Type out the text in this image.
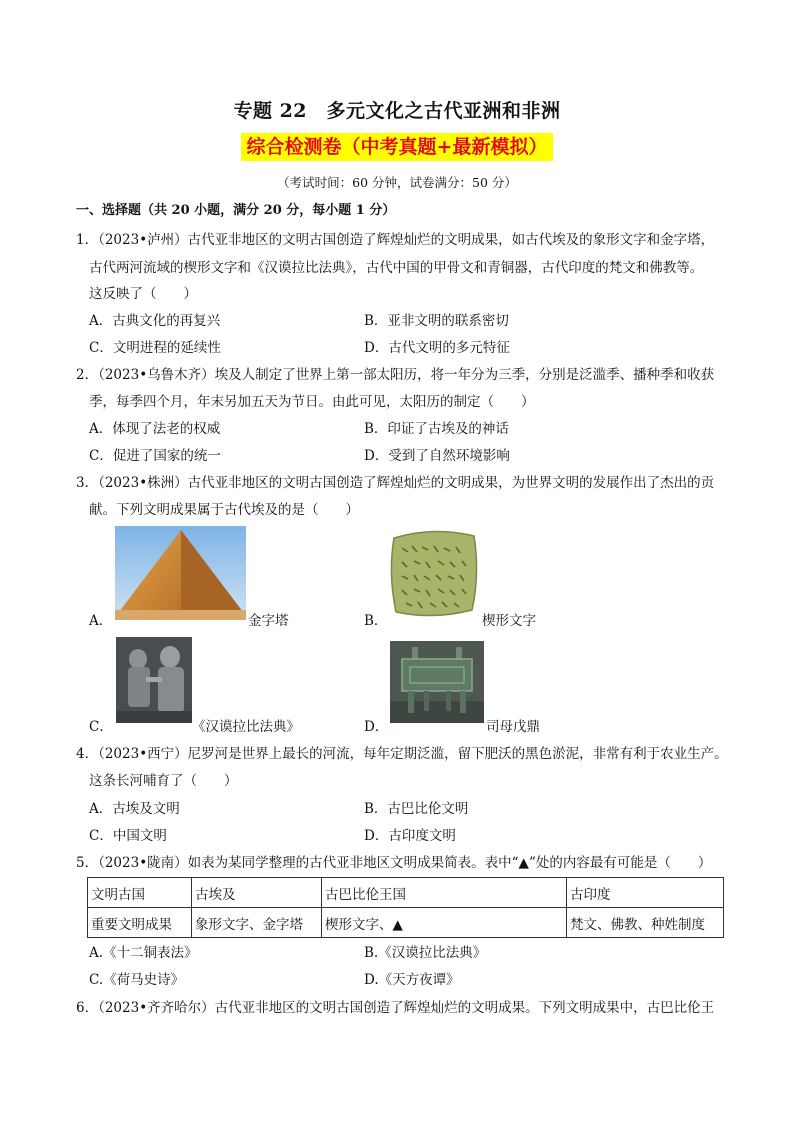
专题 22　多元文化之古代亚洲和非洲
综合检测卷（中考真题+最新模拟）
（考试时间：60 分钟，试卷满分：50 分）
一、选择题（共 20 小题，满分 20 分，每小题 1 分）
1．（2023•泸州）古代亚非地区的文明古国创造了辉煌灿烂的文明成果，如古代埃及的象形文字和金字塔，
古代两河流域的楔形文字和《汉谟拉比法典》，古代中国的甲骨文和青铜器，古代印度的梵文和佛教等。
这反映了（　　）
A．古典文化的再复兴	B．亚非文明的联系密切
C．文明进程的延续性	D．古代文明的多元特征
2．（2023•乌鲁木齐）埃及人制定了世界上第一部太阳历，将一年分为三季，分别是泛滥季、播种季和收获
季，每季四个月，年末另加五天为节日。由此可见，太阳历的制定（　　）
A．体现了法老的权威	B．印证了古埃及的神话
C．促进了国家的统一	D．受到了自然环境影响
3．（2023•株洲）古代亚非地区的文明古国创造了辉煌灿烂的文明成果，为世界文明的发展作出了杰出的贡
献。下列文明成果属于古代埃及的是（　　）
A．	金字塔	B．	楔形文字
C．	《汉谟拉比法典》	D．	司母戊鼎
4．（2023•西宁）尼罗河是世界上最长的河流，每年定期泛滥，留下肥沃的黑色淤泥，非常有利于农业生产。
这条长河哺育了（　　）
A．古埃及文明	B．古巴比伦文明
C．中国文明	D．古印度文明
5．（2023•陇南）如表为某同学整理的古代亚非地区文明成果简表。表中“▲”处的内容最有可能是（　　）
文明古国	古埃及	古巴比伦王国	古印度
重要文明成果	象形文字、金字塔	楔形文字、▲	梵文、佛教、种姓制度
A.《十二铜表法》	B.《汉谟拉比法典》
C.《荷马史诗》	D.《天方夜谭》
6．（2023•齐齐哈尔）古代亚非地区的文明古国创造了辉煌灿烂的文明成果。下列文明成果中，古巴比伦王
